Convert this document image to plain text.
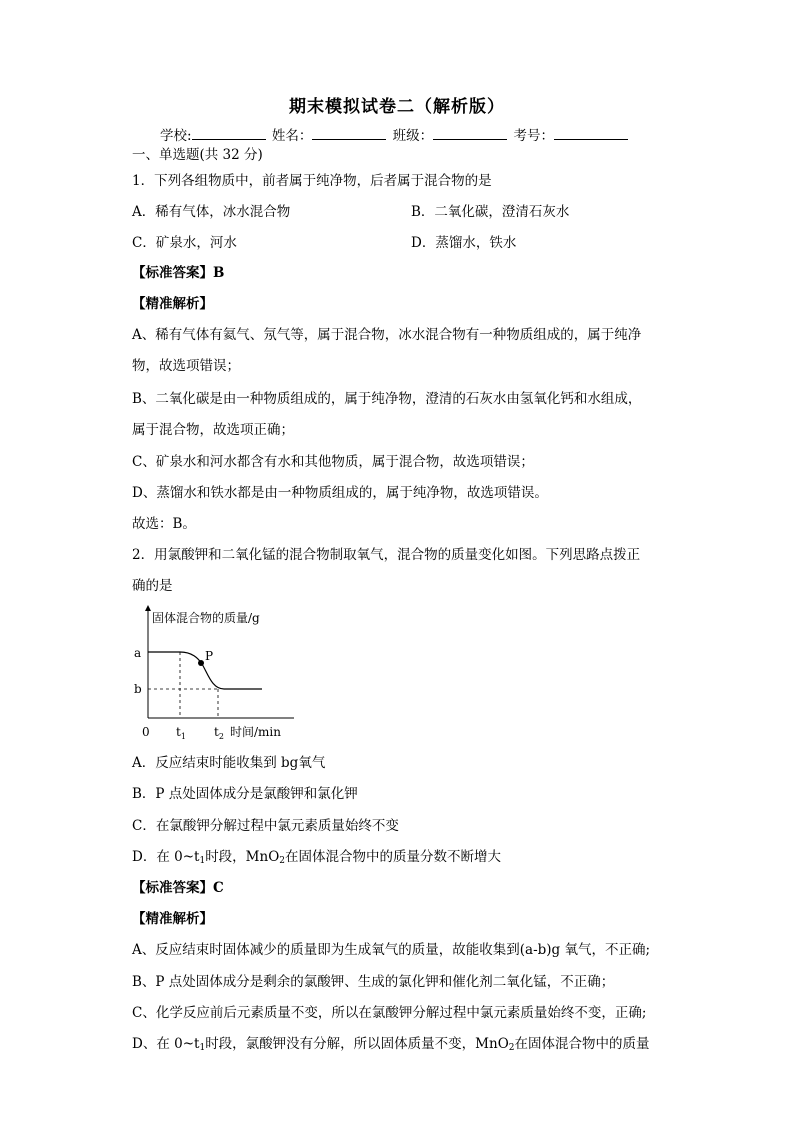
期末模拟试卷二（解析版）
学校:	姓名：	班级：	考号：
一、单选题(共 32 分)
1．下列各组物质中，前者属于纯净物，后者属于混合物的是
A．稀有气体，冰水混合物	B．二氧化碳，澄清石灰水
C．矿泉水，河水	D．蒸馏水，铁水
【标准答案】B
【精准解析】
A、稀有气体有氦气、氖气等，属于混合物，冰水混合物有一种物质组成的，属于纯净
物，故选项错误；
B、二氧化碳是由一种物质组成的，属于纯净物，澄清的石灰水由氢氧化钙和水组成，
属于混合物，故选项正确；
C、矿泉水和河水都含有水和其他物质，属于混合物，故选项错误；
D、蒸馏水和铁水都是由一种物质组成的，属于纯净物，故选项错误。
故选：B。
2．用氯酸钾和二氧化锰的混合物制取氧气，混合物的质量变化如图。下列思路点拨正
确的是
P
固体混合物的质量/g
a
b
0 $t_1$ $t_2$ 时间/min
A．反应结束时能收集到 bg氧气
B．P 点处固体成分是氯酸钾和氯化钾
C．在氯酸钾分解过程中氯元素质量始终不变
D．在 $0\sim t_1$时段，MnO$_2$在固体混合物中的质量分数不断增大
【标准答案】C
【精准解析】
A、反应结束时固体减少的质量即为生成氧气的质量，故能收集到(a-b)g 氧气，不正确;
B、P 点处固体成分是剩余的氯酸钾、生成的氯化钾和催化剂二氧化锰，不正确；
C、化学反应前后元素质量不变，所以在氯酸钾分解过程中氯元素质量始终不变，正确;
D、在 $0\sim t_1$时段，氯酸钾没有分解，所以固体质量不变，MnO$_2$在固体混合物中的质量
